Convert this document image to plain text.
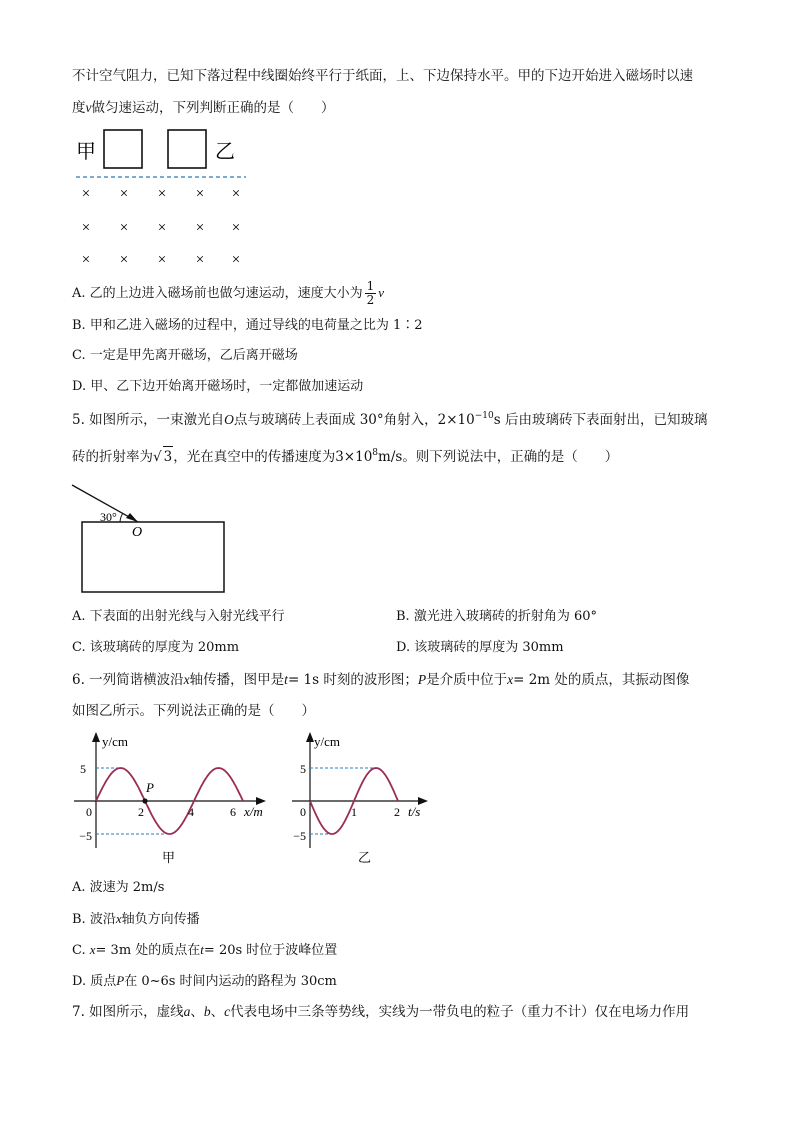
不计空气阻力，已知下落过程中线圈始终平行于纸面，上、下边保持水平。甲的下边开始进入磁场时以速
度v做匀速运动，下列判断正确的是（　　）
甲	乙
× × × × ×
× × × × ×
× × × × ×
A. 乙的上边进入磁场前也做匀速运动，速度大小为 $\frac{1}{2}$ v
B. 甲和乙进入磁场的过程中，通过导线的电荷量之比为 1∶2
C. 一定是甲先离开磁场，乙后离开磁场
D. 甲、乙下边开始离开磁场时，一定都做加速运动
5. 如图所示，一束激光自O点与玻璃砖上表面成 30°角射入，$2\times 10^{-10}s$ 后由玻璃砖下表面射出，已知玻璃
砖的折射率为√ 3，光在真空中的传播速度为$3\times 10^8m/s$。则下列说法中，正确的是（　　）
30°
O
A. 下表面的出射光线与入射光线平行	B. 激光进入玻璃砖的折射角为 60°
C. 该玻璃砖的厚度为 20mm	D. 该玻璃砖的厚度为 30mm
6. 一列简谐横波沿x轴传播，图甲是t= 1s 时刻的波形图；P是介质中位于x= 2m 处的质点，其振动图像
如图乙所示。下列说法正确的是（　　）
y/cm
P
5
−5
0	2	4	6 x/m
甲
y/cm
5
−5
0	1	2 t/s
乙
A. 波速为 2m/s
B. 波沿x轴负方向传播
C. x= 3m 处的质点在t= 20s 时位于波峰位置
D. 质点P在 0~6s 时间内运动的路程为 30cm
7. 如图所示，虚线a、b、c代表电场中三条等势线，实线为一带负电的粒子（重力不计）仅在电场力作用
